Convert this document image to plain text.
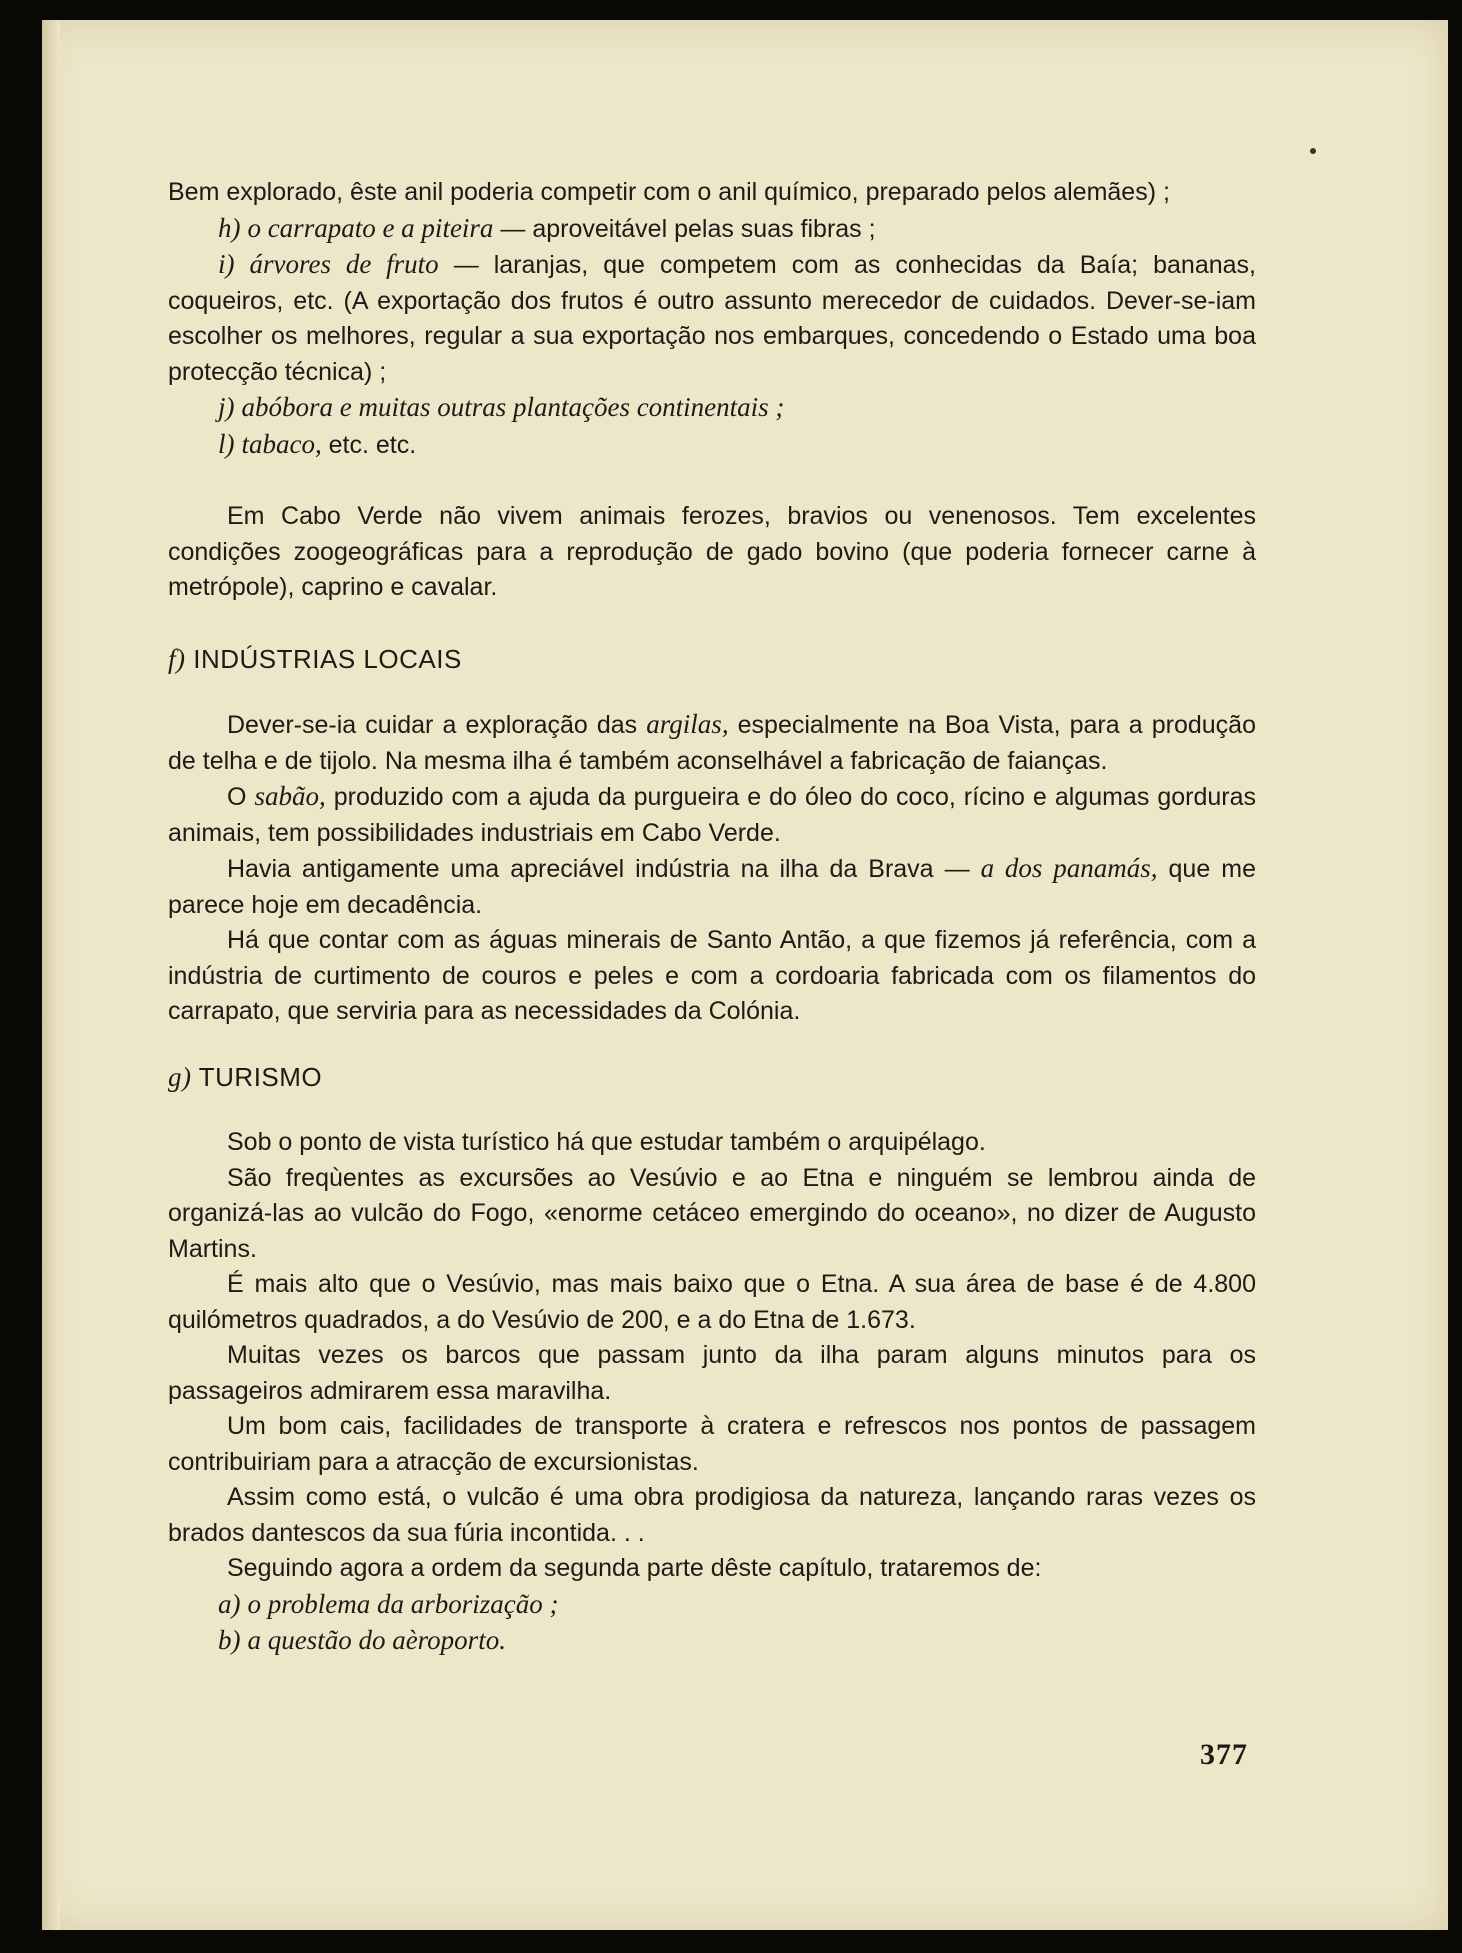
Bem explorado, êste anil poderia competir com o anil químico, preparado pelos alemães) ;

h) o carrapato e a piteira — aproveitável pelas suas fibras ;

i) árvores de fruto — laranjas, que competem com as conhecidas da Baía; bananas, coqueiros, etc. (A exportação dos frutos é outro assunto merecedor de cuidados. Dever-se-iam escolher os melhores, regular a sua exportação nos embarques, concedendo o Estado uma boa protecção técnica) ;

j) abóbora e muitas outras plantações continentais ;

l) tabaco, etc. etc.

Em Cabo Verde não vivem animais ferozes, bravios ou venenosos. Tem excelentes condições zoogeográficas para a reprodução de gado bovino (que poderia fornecer carne à metrópole), caprino e cavalar.

f) INDÚSTRIAS LOCAIS

Dever-se-ia cuidar a exploração das argilas, especialmente na Boa Vista, para a produção de telha e de tijolo. Na mesma ilha é também aconselhável a fabricação de faianças.

O sabão, produzido com a ajuda da purgueira e do óleo do coco, rícino e algumas gorduras animais, tem possibilidades industriais em Cabo Verde.

Havia antigamente uma apreciável indústria na ilha da Brava — a dos panamás, que me parece hoje em decadência.

Há que contar com as águas minerais de Santo Antão, a que fizemos já referência, com a indústria de curtimento de couros e peles e com a cordoaria fabricada com os filamentos do carrapato, que serviria para as necessidades da Colónia.

g) TURISMO

Sob o ponto de vista turístico há que estudar também o arquipélago.

São freqùentes as excursões ao Vesúvio e ao Etna e ninguém se lembrou ainda de organizá-las ao vulcão do Fogo, «enorme cetáceo emergindo do oceano», no dizer de Augusto Martins.

É mais alto que o Vesúvio, mas mais baixo que o Etna. A sua área de base é de 4.800 quilómetros quadrados, a do Vesúvio de 200, e a do Etna de 1.673.

Muitas vezes os barcos que passam junto da ilha param alguns minutos para os passageiros admirarem essa maravilha.

Um bom cais, facilidades de transporte à cratera e refrescos nos pontos de passagem contribuiriam para a atracção de excursionistas.

Assim como está, o vulcão é uma obra prodigiosa da natureza, lançando raras vezes os brados dantescos da sua fúria incontida. . .

Seguindo agora a ordem da segunda parte dêste capítulo, trataremos de:

a) o problema da arborização ;

b) a questão do aèroporto.

377
